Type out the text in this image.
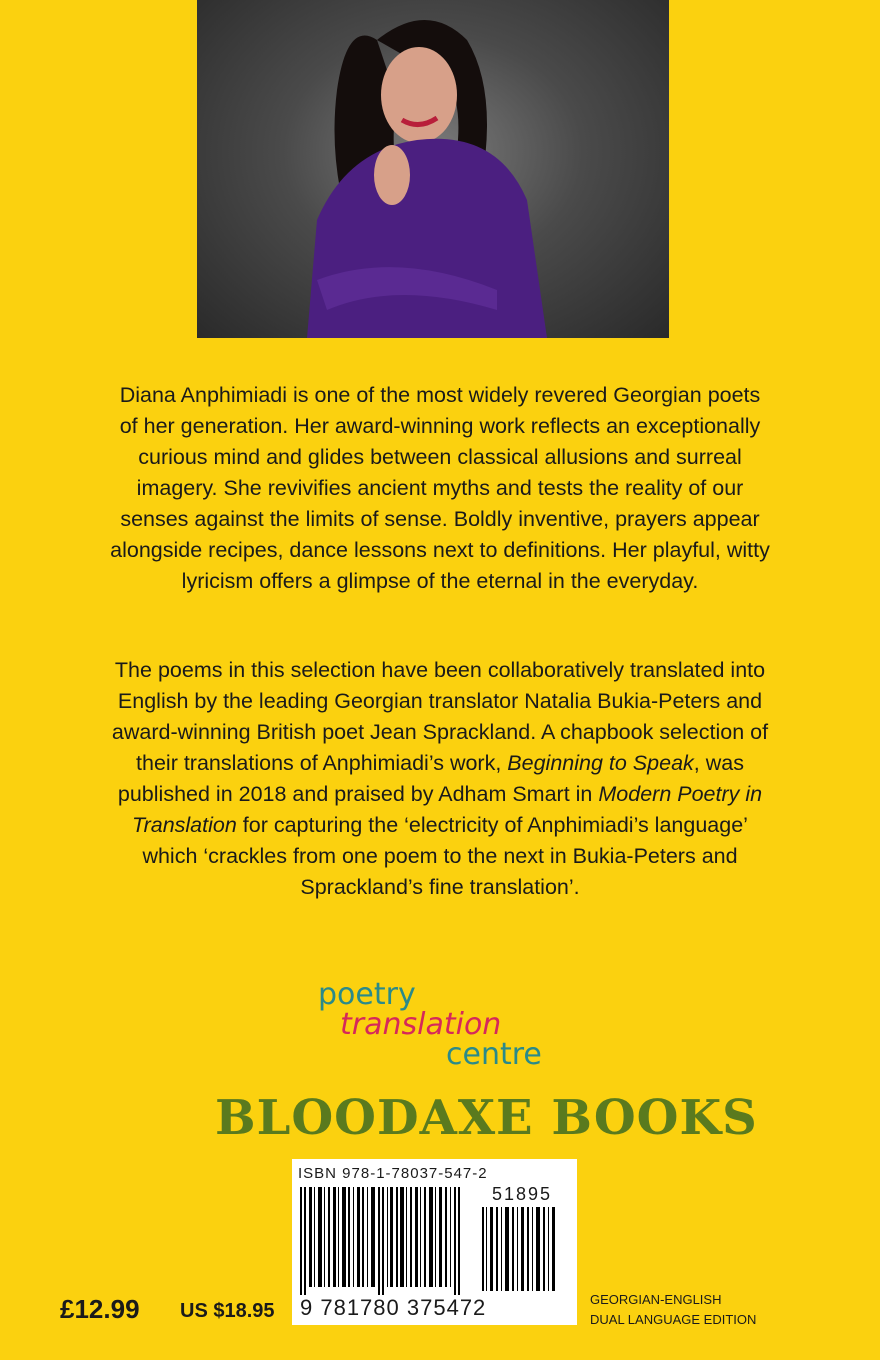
Diana Anphimiadi is one of the most widely revered Georgian poets of her generation. Her award-winning work reflects an exceptionally curious mind and glides between classical allusions and surreal imagery. She revivifies ancient myths and tests the reality of our senses against the limits of sense. Boldly inventive, prayers appear alongside recipes, dance lessons next to definitions. Her playful, witty lyricism offers a glimpse of the eternal in the everyday.
The poems in this selection have been collaboratively translated into English by the leading Georgian translator Natalia Bukia-Peters and award-winning British poet Jean Sprackland. A chapbook selection of their translations of Anphimiadi’s work, Beginning to Speak, was published in 2018 and praised by Adham Smart in Modern Poetry in Translation for capturing the ‘electricity of Anphimiadi’s language’ which ‘crackles from one poem to the next in Bukia-Peters and Sprackland’s fine translation’.
poetry
translation
centre
BLOODAXE BOOKS
ISBN 978-1-78037-547-2
51895
9 781780 375472
£12.99 US $18.95
GEORGIAN-ENGLISH
DUAL LANGUAGE EDITION
